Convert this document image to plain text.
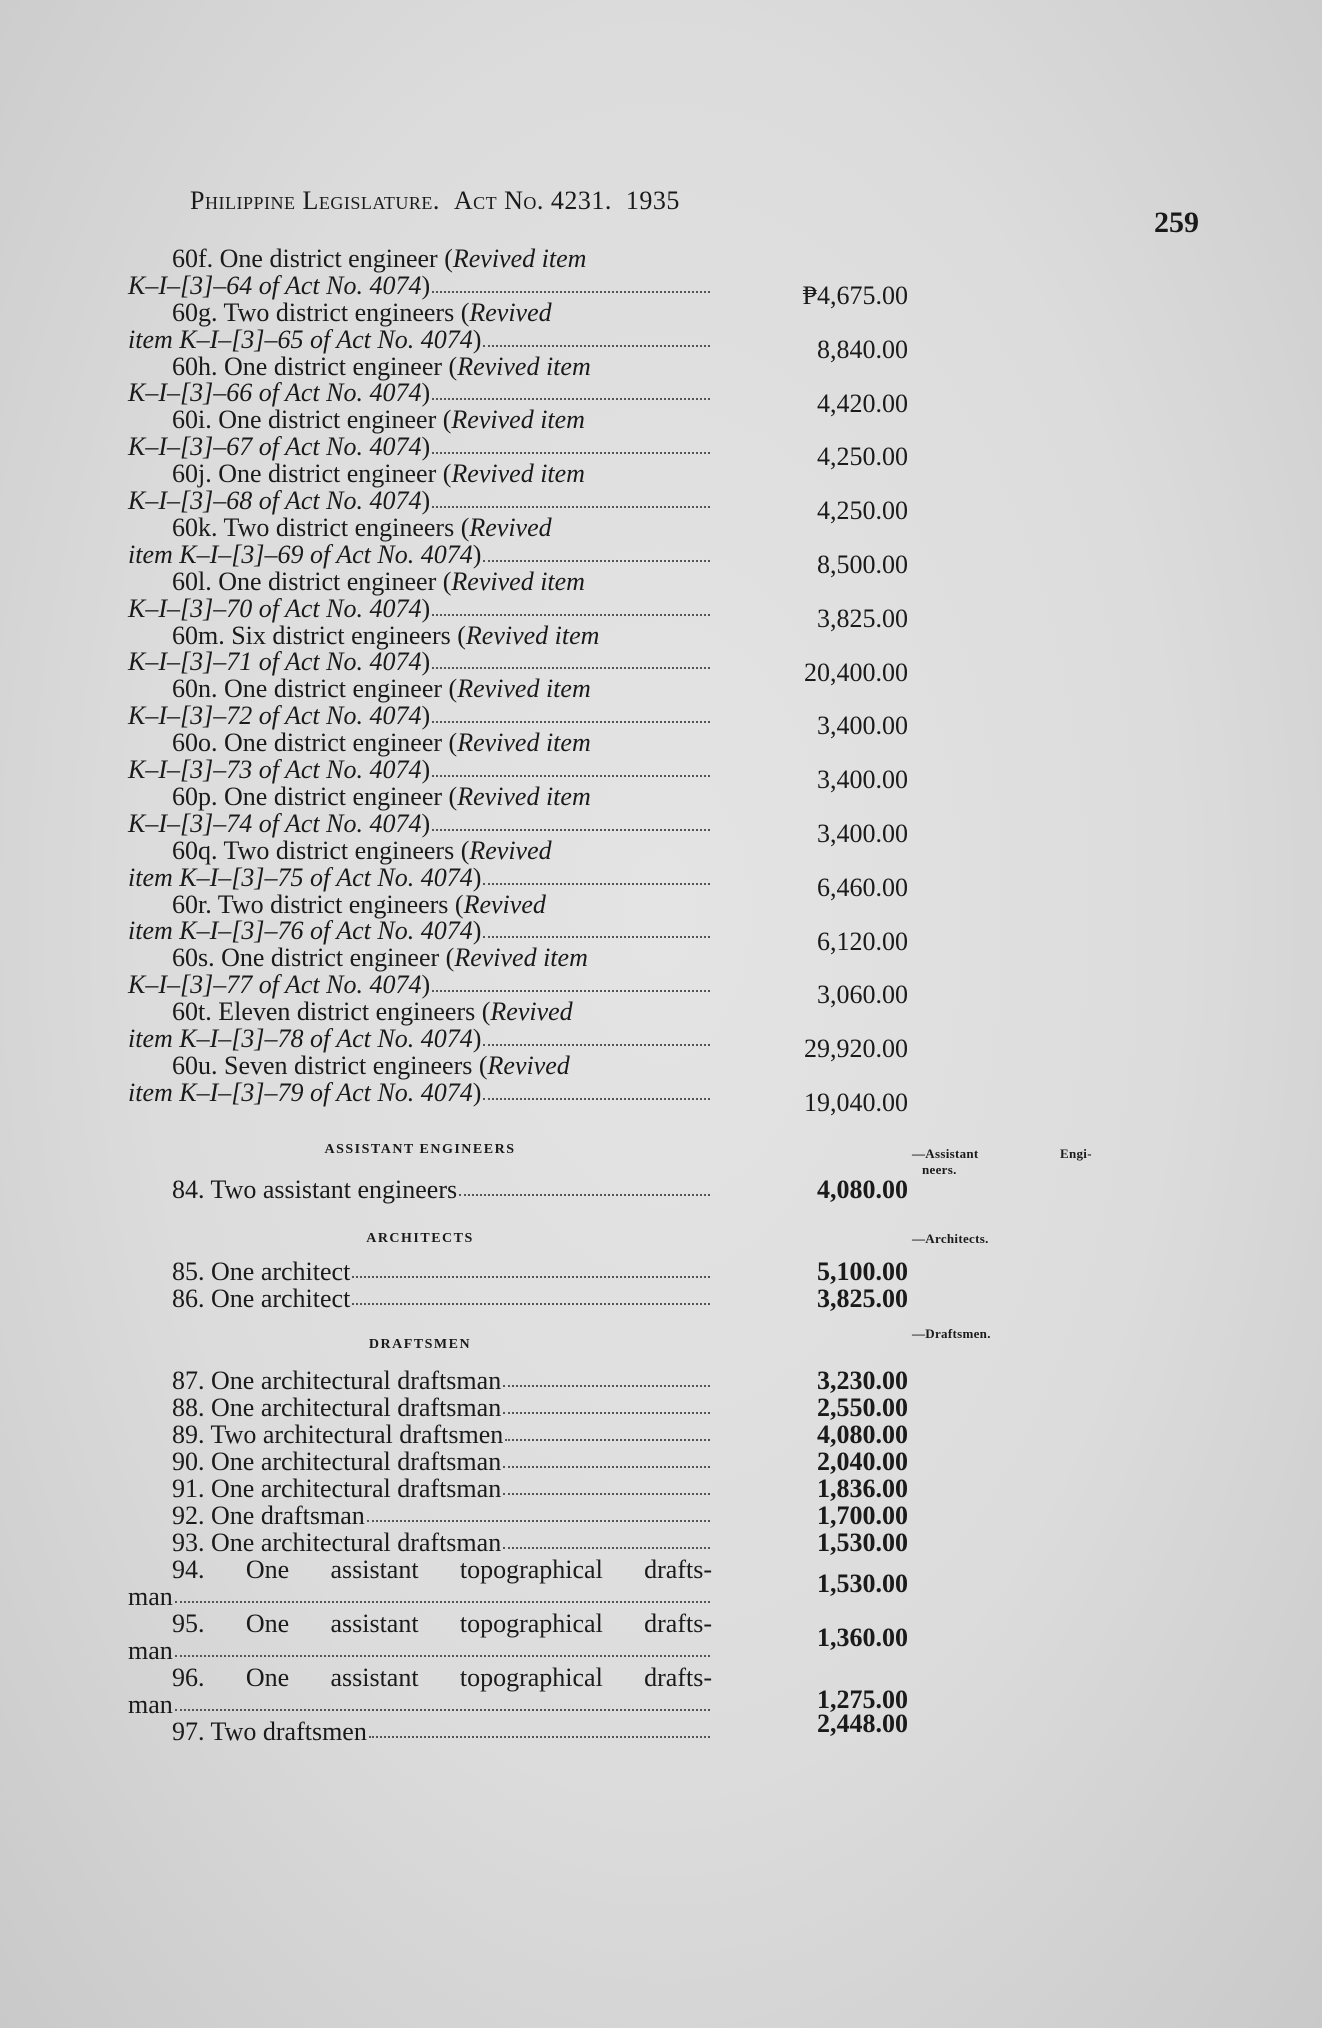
Philippine Legislature. Act No. 4231. 1935
259
60f. One district engineer (Revived item
K–I–[3]–64 of Act No. 4074 )	₱4,675.00
60g. Two district engineers (Revived
item K–I–[3]–65 of Act No. 4074 )	8,840.00
60h. One district engineer (Revived item
K–I–[3]–66 of Act No. 4074 )	4,420.00
60i. One district engineer (Revived item
K–I–[3]–67 of Act No. 4074 )	4,250.00
60j. One district engineer (Revived item
K–I–[3]–68 of Act No. 4074 )	4,250.00
60k. Two district engineers (Revived
item K–I–[3]–69 of Act No. 4074 )	8,500.00
60l. One district engineer (Revived item
K–I–[3]–70 of Act No. 4074 )	3,825.00
60m. Six district engineers (Revived item
K–I–[3]–71 of Act No. 4074 )	20,400.00
60n. One district engineer (Revived item
K–I–[3]–72 of Act No. 4074 )	3,400.00
60o. One district engineer (Revived item
K–I–[3]–73 of Act No. 4074 )	3,400.00
60p. One district engineer (Revived item
K–I–[3]–74 of Act No. 4074 )	3,400.00
60q. Two district engineers (Revived
item K–I–[3]–75 of Act No. 4074 )	6,460.00
60r. Two district engineers (Revived
item K–I–[3]–76 of Act No. 4074 )	6,120.00
60s. One district engineer (Revived item
K–I–[3]–77 of Act No. 4074 )	3,060.00
60t. Eleven district engineers (Revived
item K–I–[3]–78 of Act No. 4074 )	29,920.00
60u. Seven district engineers (Revived
item K–I–[3]–79 of Act No. 4074 )	19,040.00
ASSISTANT ENGINEERS	—Assistant	Engi-
neers.
84. Two assistant engineers	4,080.00
ARCHITECTS	—Architects.
85. One architect	5,100.00
86. One architect	3,825.00
—Draftsmen.
DRAFTSMEN
87. One architectural draftsman	3,230.00
88. One architectural draftsman	2,550.00
89. Two architectural draftsmen	4,080.00
90. One architectural draftsman	2,040.00
91. One architectural draftsman	1,836.00
92. One draftsman	1,700.00
93. One architectural draftsman	1,530.00
94. One assistant topographical drafts-
man	1,530.00
95. One assistant topographical drafts-
man	1,360.00
96. One assistant topographical drafts-
man	1,275.00
97. Two draftsmen	2,448.00
